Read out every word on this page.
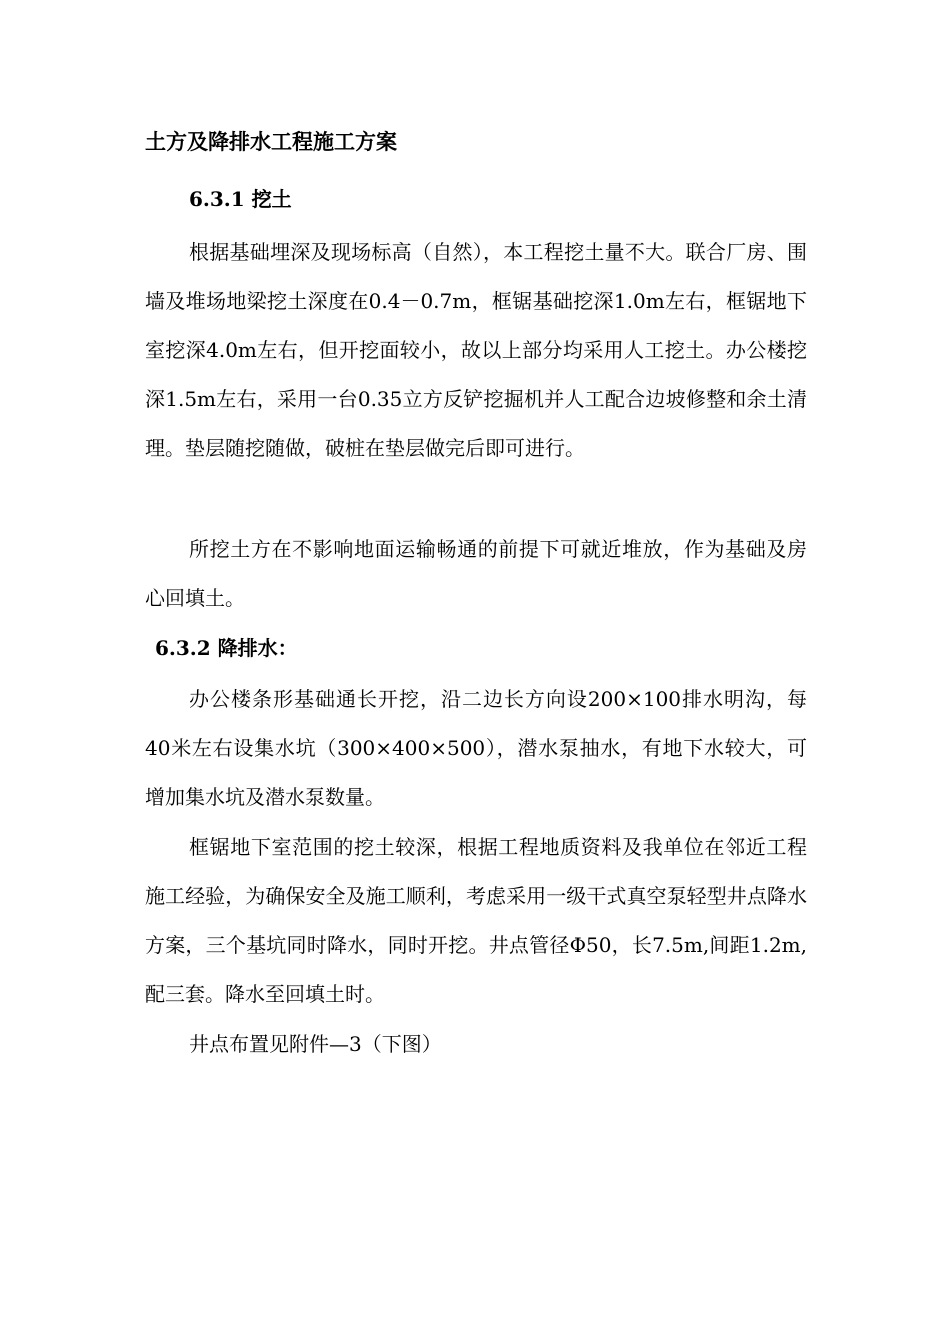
土方及降排水工程施工方案
6.3.1 挖土

根据基础埋深及现场标高（自然），本工程挖土量不大。联合厂房、围墙及堆场地梁挖土深度在0.4－0.7m，框锯基础挖深1.0m左右，框锯地下室挖深4.0m左右，但开挖面较小，故以上部分均采用人工挖土。办公楼挖深1.5m左右，采用一台0.35立方反铲挖掘机并人工配合边坡修整和余土清理。垫层随挖随做，破桩在垫层做完后即可进行。

所挖土方在不影响地面运输畅通的前提下可就近堆放，作为基础及房心回填土。

6.3.2 降排水：

办公楼条形基础通长开挖，沿二边长方向设200×100排水明沟，每40米左右设集水坑（300×400×500），潜水泵抽水，有地下水较大，可增加集水坑及潜水泵数量。

框锯地下室范围的挖土较深，根据工程地质资料及我单位在邻近工程施工经验，为确保安全及施工顺利，考虑采用一级干式真空泵轻型井点降水方案，三个基坑同时降水，同时开挖。井点管径Φ50，长7.5m,间距1.2m, 配三套。降水至回填土时。

井点布置见附件—3（下图）
